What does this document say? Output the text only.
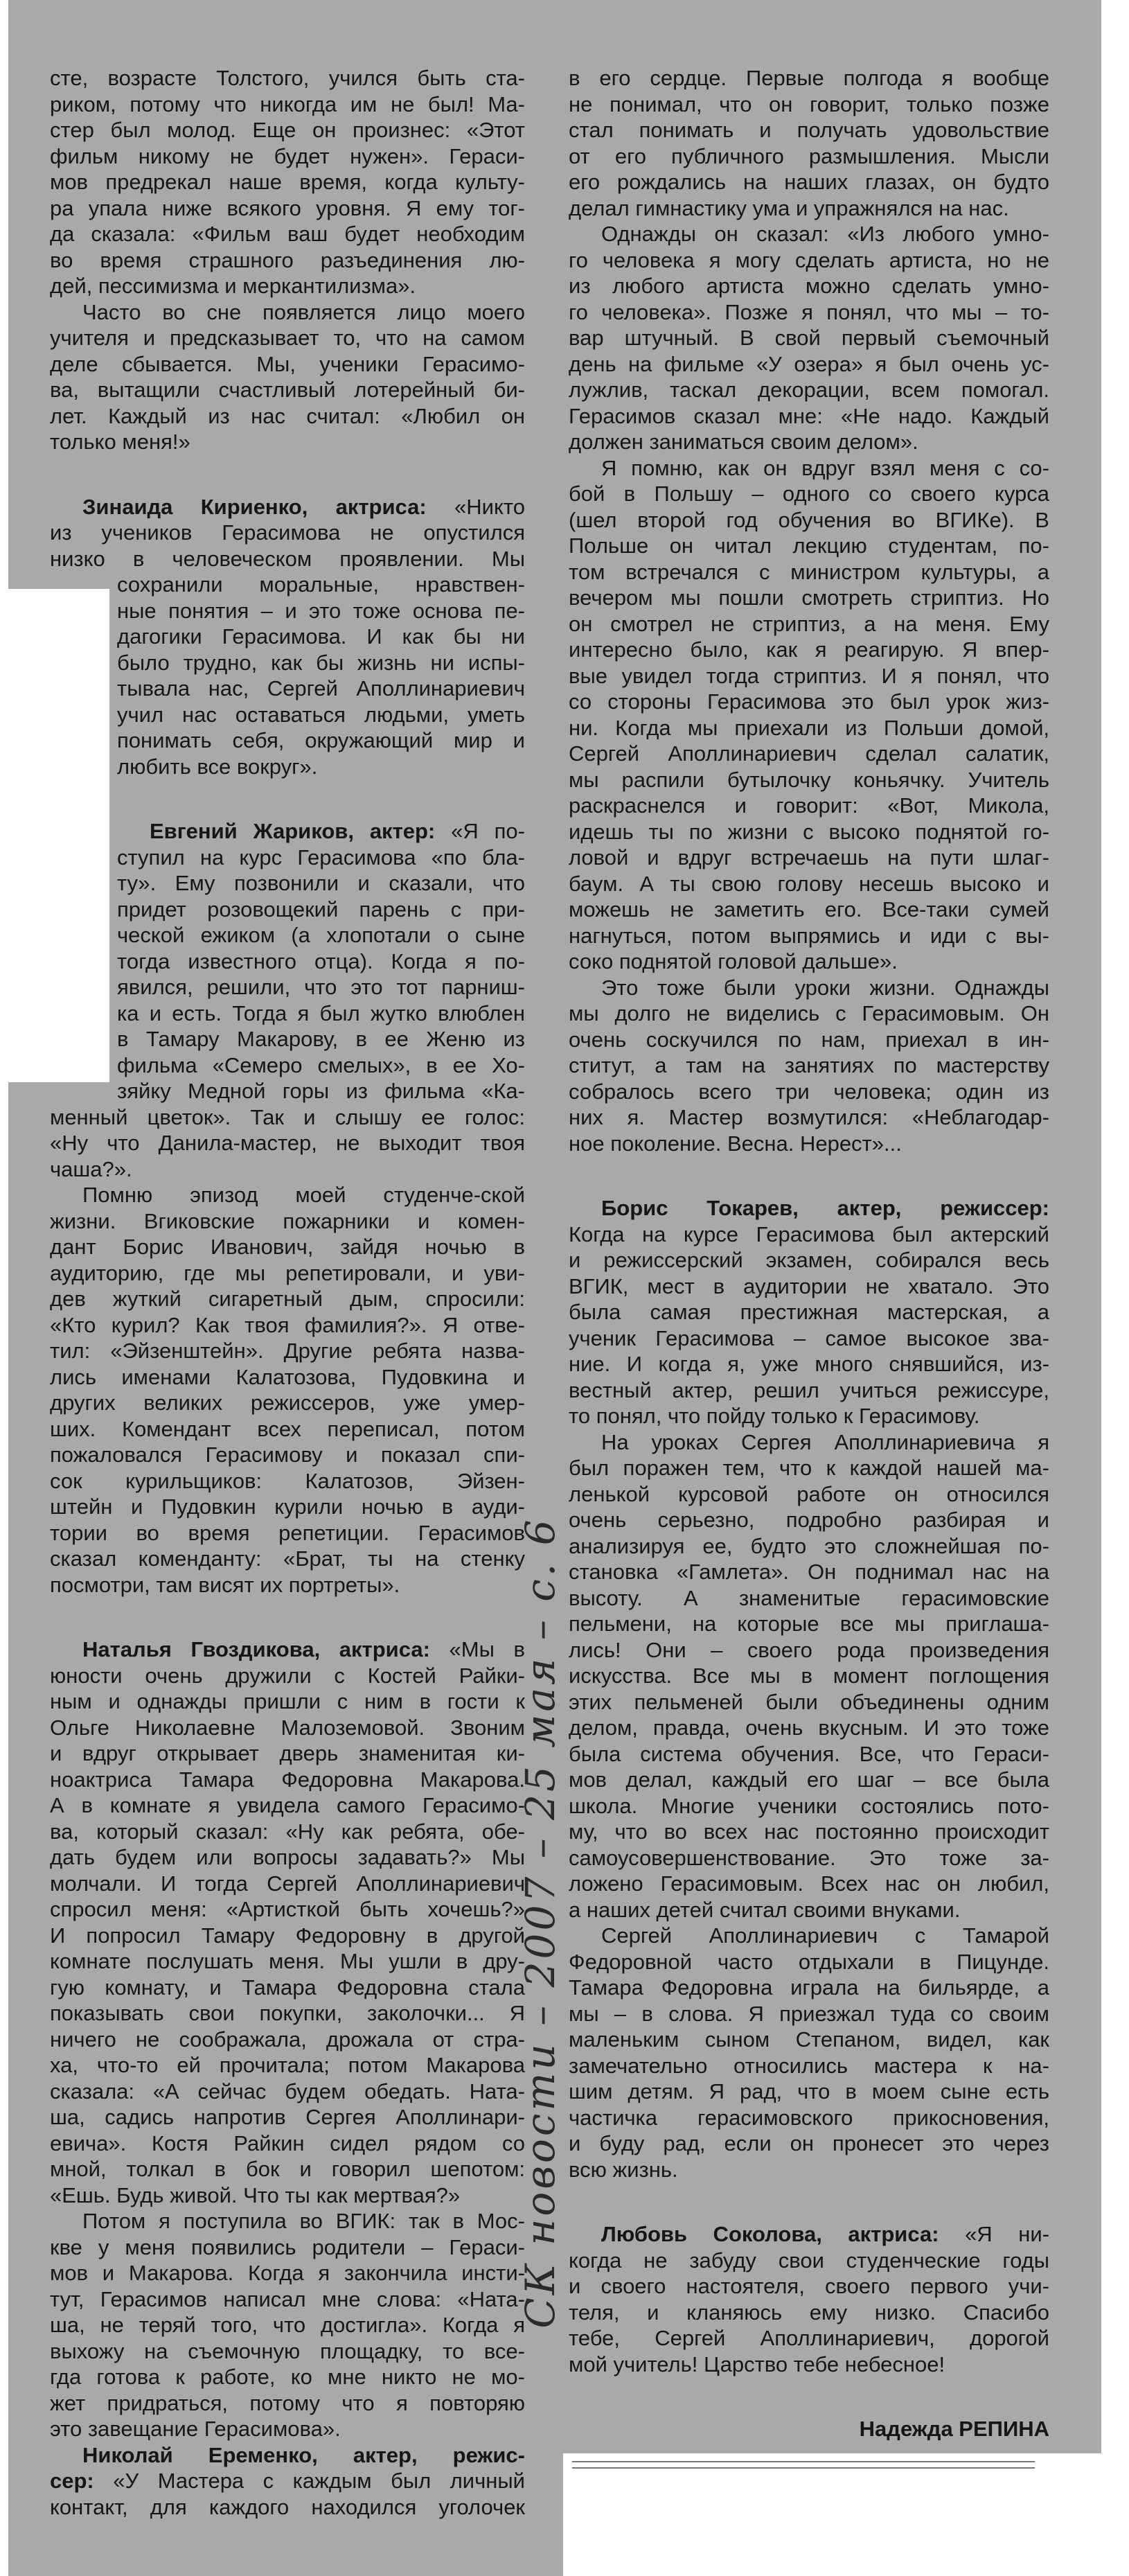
сте, возрасте Толстого, учился быть ста-
риком, потому что никогда им не был! Ма-
стер был молод. Еще он произнес: «Этот
фильм никому не будет нужен». Гераси-
мов предрекал наше время, когда культу-
ра упала ниже всякого уровня. Я ему тог-
да сказала: «Фильм ваш будет необходим
во время страшного разъединения лю-
дей, пессимизма и меркантилизма».
Часто во сне появляется лицо моего
учителя и предсказывает то, что на самом
деле сбывается. Мы, ученики Герасимо-
ва, вытащили счастливый лотерейный би-
лет. Каждый из нас считал: «Любил он
только меня!»
Зинаида Кириенко, актриса: «Никто
из учеников Герасимова не опустился
низко в человеческом проявлении. Мы
сохранили моральные, нравствен-
ные понятия – и это тоже основа пе-
дагогики Герасимова. И как бы ни
было трудно, как бы жизнь ни испы-
тывала нас, Сергей Аполлинариевич
учил нас оставаться людьми, уметь
понимать себя, окружающий мир и
любить все вокруг».
Евгений Жариков, актер: «Я по-
ступил на курс Герасимова «по бла-
ту». Ему позвонили и сказали, что
придет розовощекий парень с при-
ческой ежиком (а хлопотали о сыне
тогда известного отца). Когда я по-
явился, решили, что это тот парниш-
ка и есть. Тогда я был жутко влюблен
в Тамару Макарову, в ее Женю из
фильма «Семеро смелых», в ее Хо-
зяйку Медной горы из фильма «Ка-
менный цветок». Так и слышу ее голос:
«Ну что Данила-мастер, не выходит твоя
чаша?».
Помню эпизод моей студенче-ской
жизни. Вгиковские пожарники и комен-
дант Борис Иванович, зайдя ночью в
аудиторию, где мы репетировали, и уви-
дев жуткий сигаретный дым, спросили:
«Кто курил? Как твоя фамилия?». Я отве-
тил: «Эйзенштейн». Другие ребята назва-
лись именами Калатозова, Пудовкина и
других великих режиссеров, уже умер-
ших. Комендант всех переписал, потом
пожаловался Герасимову и показал спи-
сок курильщиков: Калатозов, Эйзен-
штейн и Пудовкин курили ночью в ауди-
тории во время репетиции. Герасимов
сказал коменданту: «Брат, ты на стенку
посмотри, там висят их портреты».
Наталья Гвоздикова, актриса: «Мы в
юности очень дружили с Костей Райки-
ным и однажды пришли с ним в гости к
Ольге Николаевне Малоземовой. Звоним
и вдруг открывает дверь знаменитая ки-
ноактриса Тамара Федоровна Макарова.
А в комнате я увидела самого Герасимо-
ва, который сказал: «Ну как ребята, обе-
дать будем или вопросы задавать?» Мы
молчали. И тогда Сергей Аполлинариевич
спросил меня: «Артисткой быть хочешь?»
И попросил Тамару Федоровну в другой
комнате послушать меня. Мы ушли в дру-
гую комнату, и Тамара Федоровна стала
показывать свои покупки, заколочки... Я
ничего не соображала, дрожала от стра-
ха, что-то ей прочитала; потом Макарова
сказала: «А сейчас будем обедать. Ната-
ша, садись напротив Сергея Аполлинари-
евича». Костя Райкин сидел рядом со
мной, толкал в бок и говорил шепотом:
«Ешь. Будь живой. Что ты как мертвая?»
Потом я поступила во ВГИК: так в Мос-
кве у меня появились родители – Гераси-
мов и Макарова. Когда я закончила инсти-
тут, Герасимов написал мне слова: «Ната-
ша, не теряй того, что достигла». Когда я
выхожу на съемочную площадку, то все-
гда готова к работе, ко мне никто не мо-
жет придраться, потому что я повторяю
это завещание Герасимова».
Николай Еременко, актер, режис-
сер: «У Мастера с каждым был личный
контакт, для каждого находился уголочек
в его сердце. Первые полгода я вообще
не понимал, что он говорит, только позже
стал понимать и получать удовольствие
от его публичного размышления. Мысли
его рождались на наших глазах, он будто
делал гимнастику ума и упражнялся на нас.
Однажды он сказал: «Из любого умно-
го человека я могу сделать артиста, но не
из любого артиста можно сделать умно-
го человека». Позже я понял, что мы – то-
вар штучный. В свой первый съемочный
день на фильме «У озера» я был очень ус-
лужлив, таскал декорации, всем помогал.
Герасимов сказал мне: «Не надо. Каждый
должен заниматься своим делом».
Я помню, как он вдруг взял меня с со-
бой в Польшу – одного со своего курса
(шел второй год обучения во ВГИКе). В
Польше он читал лекцию студентам, по-
том встречался с министром культуры, а
вечером мы пошли смотреть стриптиз. Но
он смотрел не стриптиз, а на меня. Ему
интересно было, как я реагирую. Я впер-
вые увидел тогда стриптиз. И я понял, что
со стороны Герасимова это был урок жиз-
ни. Когда мы приехали из Польши домой,
Сергей Аполлинариевич сделал салатик,
мы распили бутылочку коньячку. Учитель
раскраснелся и говорит: «Вот, Микола,
идешь ты по жизни с высоко поднятой го-
ловой и вдруг встречаешь на пути шлаг-
баум. А ты свою голову несешь высоко и
можешь не заметить его. Все-таки сумей
нагнуться, потом выпрямись и иди с вы-
соко поднятой головой дальше».
Это тоже были уроки жизни. Однажды
мы долго не виделись с Герасимовым. Он
очень соскучился по нам, приехал в ин-
ститут, а там на занятиях по мастерству
собралось всего три человека; один из
них я. Мастер возмутился: «Неблагодар-
ное поколение. Весна. Нерест»...
Борис Токарев, актер, режиссер:
Когда на курсе Герасимова был актерский
и режиссерский экзамен, собирался весь
ВГИК, мест в аудитории не хватало. Это
была самая престижная мастерская, а
ученик Герасимова – самое высокое зва-
ние. И когда я, уже много снявшийся, из-
вестный актер, решил учиться режиссуре,
то понял, что пойду только к Герасимову.
На уроках Сергея Аполлинариевича я
был поражен тем, что к каждой нашей ма-
ленькой курсовой работе он относился
очень серьезно, подробно разбирая и
анализируя ее, будто это сложнейшая по-
становка «Гамлета». Он поднимал нас на
высоту. А знаменитые герасимовские
пельмени, на которые все мы приглаша-
лись! Они – своего рода произведения
искусства. Все мы в момент поглощения
этих пельменей были объединены одним
делом, правда, очень вкусным. И это тоже
была система обучения. Все, что Гераси-
мов делал, каждый его шаг – все была
школа. Многие ученики состоялись пото-
му, что во всех нас постоянно происходит
самоусовершенствование. Это тоже за-
ложено Герасимовым. Всех нас он любил,
а наших детей считал своими внуками.
Сергей Аполлинариевич с Тамарой
Федоровной часто отдыхали в Пицунде.
Тамара Федоровна играла на бильярде, а
мы – в слова. Я приезжал туда со своим
маленьким сыном Степаном, видел, как
замечательно относились мастера к на-
шим детям. Я рад, что в моем сыне есть
частичка герасимовского прикосновения,
и буду рад, если он пронесет это через
всю жизнь.
Любовь Соколова, актриса: «Я ни-
когда не забуду свои студенческие годы
и своего настоятеля, своего первого учи-
теля, и кланяюсь ему низко. Спасибо
тебе, Сергей Аполлинариевич, дорогой
мой учитель! Царство тебе небесное!
Надежда РЕПИНА
СК новости – 2007 – 25 мая – с. 6
